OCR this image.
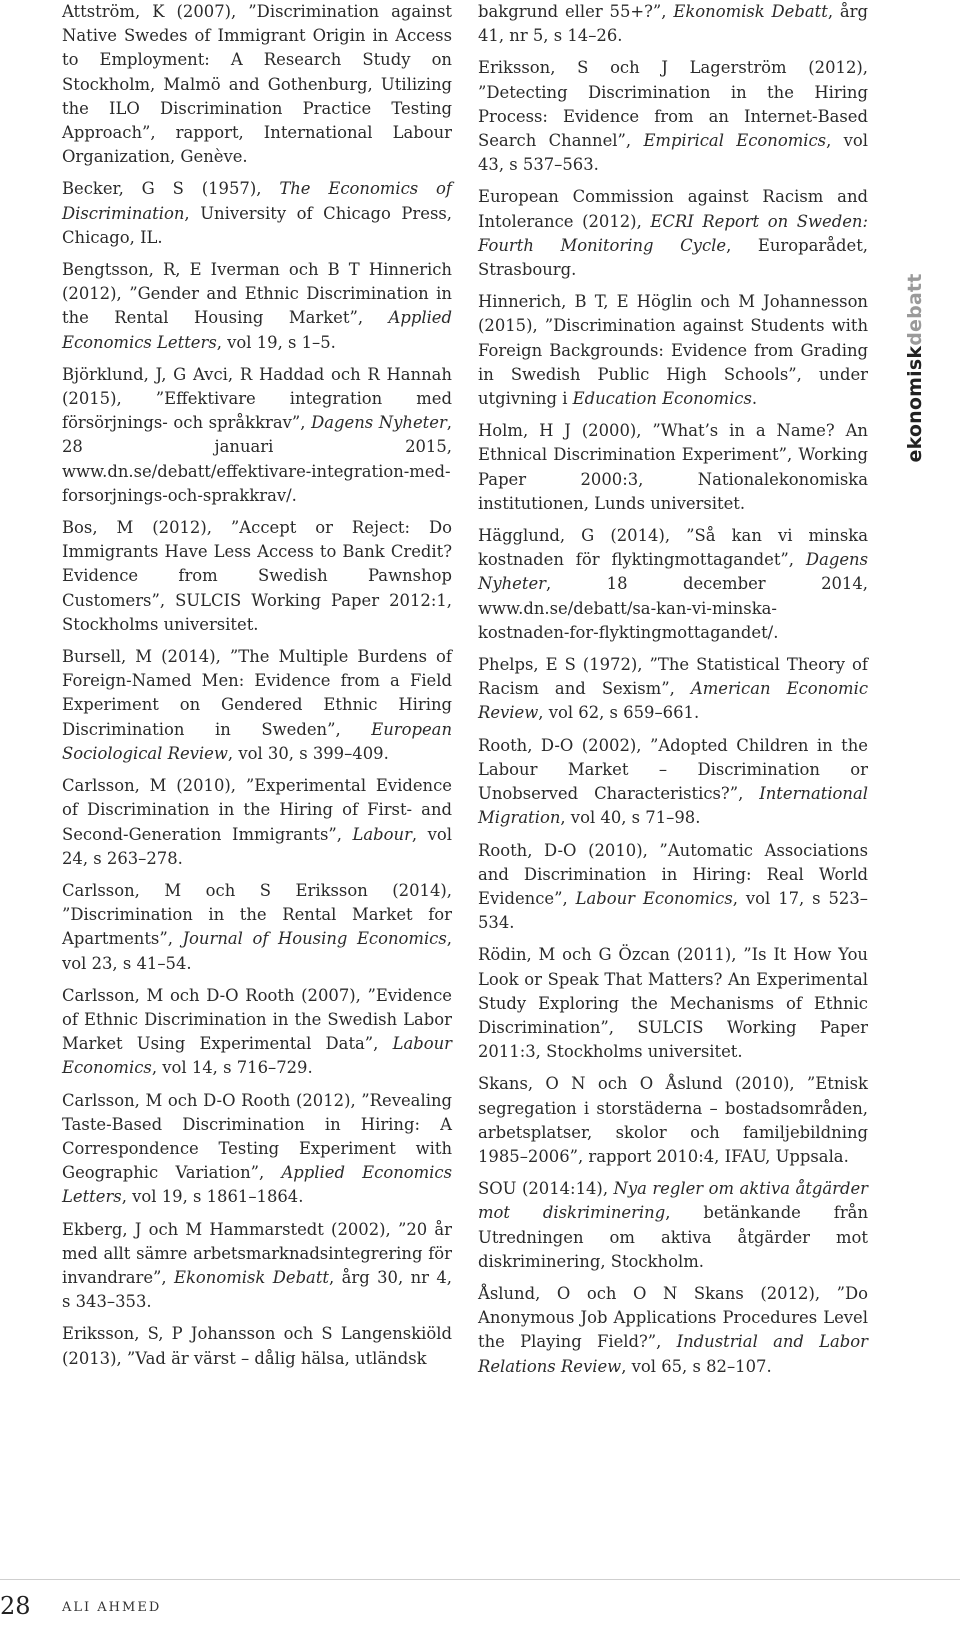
Attström, K (2007), ”Discrimination against Native Swedes of Immigrant Origin in Access to Employment: A Research Study on Stockholm, Malmö and Gothenburg, Utilizing the ILO Discrimination Practice Testing Approach”, rapport, International Labour Organization, Genève.

Becker, G S (1957), The Economics of Discrimination, University of Chicago Press, Chicago, IL.

Bengtsson, R, E Iverman och B T Hinnerich (2012), ”Gender and Ethnic Discrimination in the Rental Housing Market”, Applied Economics Letters, vol 19, s 1–5.

Björklund, J, G Avci, R Haddad och R Hannah (2015), ”Effektivare integration med försörjnings- och språkkrav”, Dagens Nyheter, 28 januari 2015, www.dn.se/debatt/effektivare-integration-med-forsorjnings-och-sprakkrav/.

Bos, M (2012), ”Accept or Reject: Do Immigrants Have Less Access to Bank Credit? Evidence from Swedish Pawnshop Customers”, SULCIS Working Paper 2012:1, Stockholms universitet.

Bursell, M (2014), ”The Multiple Burdens of Foreign-Named Men: Evidence from a Field Experiment on Gendered Ethnic Hiring Discrimination in Sweden”, European Sociological Review, vol 30, s 399–409.

Carlsson, M (2010), ”Experimental Evidence of Discrimination in the Hiring of First- and Second-Generation Immigrants”, Labour, vol 24, s 263–278.

Carlsson, M och S Eriksson (2014), ”Discrimination in the Rental Market for Apartments”, Journal of Housing Economics, vol 23, s 41–54.

Carlsson, M och D-O Rooth (2007), ”Evidence of Ethnic Discrimination in the Swedish Labor Market Using Experimental Data”, Labour Economics, vol 14, s 716–729.

Carlsson, M och D-O Rooth (2012), ”Revealing Taste-Based Discrimination in Hiring: A Correspondence Testing Experiment with Geographic Variation”, Applied Economics Letters, vol 19, s 1861–1864.

Ekberg, J och M Hammarstedt (2002), ”20 år med allt sämre arbetsmarknadsintegrering för invandrare”, Ekonomisk Debatt, årg 30, nr 4, s 343–353.

Eriksson, S, P Johansson och S Langenskiöld (2013), ”Vad är värst – dålig hälsa, utländsk

bakgrund eller 55+?”, Ekonomisk Debatt, årg 41, nr 5, s 14–26.

Eriksson, S och J Lagerström (2012), ”Detecting Discrimination in the Hiring Process: Evidence from an Internet-Based Search Channel”, Empirical Economics, vol 43, s 537–563.

European Commission against Racism and Intolerance (2012), ECRI Report on Sweden: Fourth Monitoring Cycle, Europarådet, Strasbourg.

Hinnerich, B T, E Höglin och M Johannesson (2015), ”Discrimination against Students with Foreign Backgrounds: Evidence from Grading in Swedish Public High Schools”, under utgivning i Education Economics.

Holm, H J (2000), ”What’s in a Name? An Ethnical Discrimination Experiment”, Working Paper 2000:3, Nationalekonomiska institutionen, Lunds universitet.

Hägglund, G (2014), ”Så kan vi minska kostnaden för flyktingmottagandet”, Dagens Nyheter, 18 december 2014, www.dn.se/debatt/sa-kan-vi-minska-kostnaden-for-flyktingmottagandet/.

Phelps, E S (1972), ”The Statistical Theory of Racism and Sexism”, American Economic Review, vol 62, s 659–661.

Rooth, D-O (2002), ”Adopted Children in the Labour Market – Discrimination or Unobserved Characteristics?”, International Migration, vol 40, s 71–98.

Rooth, D-O (2010), ”Automatic Associations and Discrimination in Hiring: Real World Evidence”, Labour Economics, vol 17, s 523–534.

Rödin, M och G Özcan (2011), ”Is It How You Look or Speak That Matters? An Experimental Study Exploring the Mechanisms of Ethnic Discrimination”, SULCIS Working Paper 2011:3, Stockholms universitet.

Skans, O N och O Åslund (2010), ”Etnisk segregation i storstäderna – bostadsområden, arbetsplatser, skolor och familjebildning 1985–2006”, rapport 2010:4, IFAU, Uppsala.

SOU (2014:14), Nya regler om aktiva åtgärder mot diskriminering, betänkande från Utredningen om aktiva åtgärder mot diskriminering, Stockholm.

Åslund, O och O N Skans (2012), ”Do Anonymous Job Applications Procedures Level the Playing Field?”, Industrial and Labor Relations Review, vol 65, s 82–107.

ekonomiskdebatt
28 ALI AHMED
